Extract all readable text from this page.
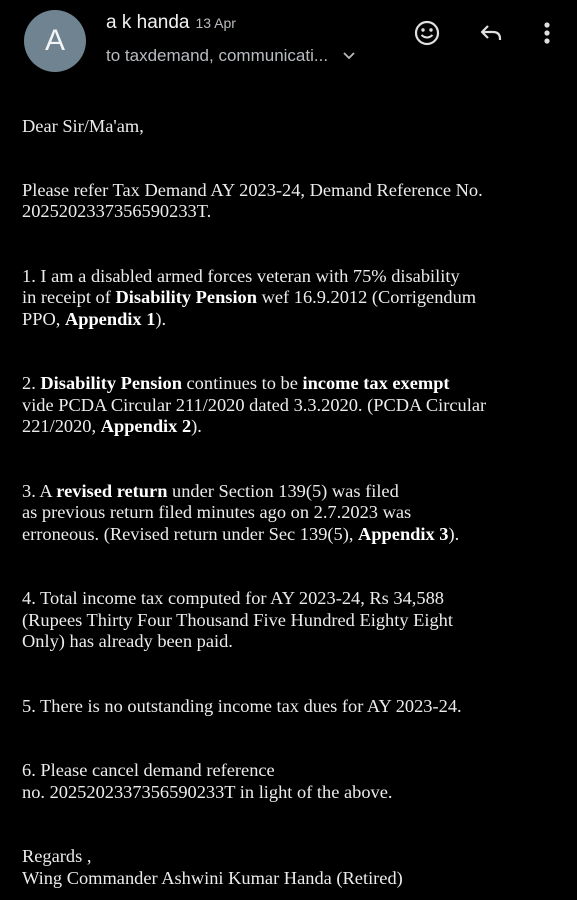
A
a k handa 13 Apr
to taxdemand, communicati...

Dear Sir/Ma'am,

Please refer Tax Demand AY 2023-24, Demand Reference No.

2025202337356590233T.

1. I am a disabled armed forces veteran with 75% disability

in receipt of Disability Pension wef 16.9.2012 (Corrigendum

PPO, Appendix 1).

2. Disability Pension continues to be income tax exempt

vide PCDA Circular 211/2020 dated 3.3.2020. (PCDA Circular

221/2020, Appendix 2).

3. A revised return under Section 139(5) was filed

as previous return filed minutes ago on 2.7.2023 was

erroneous. (Revised return under Sec 139(5), Appendix 3).

4. Total income tax computed for AY 2023-24, Rs 34,588

(Rupees Thirty Four Thousand Five Hundred Eighty Eight

Only) has already been paid.

5. There is no outstanding income tax dues for AY 2023-24.

6. Please cancel demand reference

no. 2025202337356590233T in light of the above.

Regards ,

Wing Commander Ashwini Kumar Handa (Retired)
